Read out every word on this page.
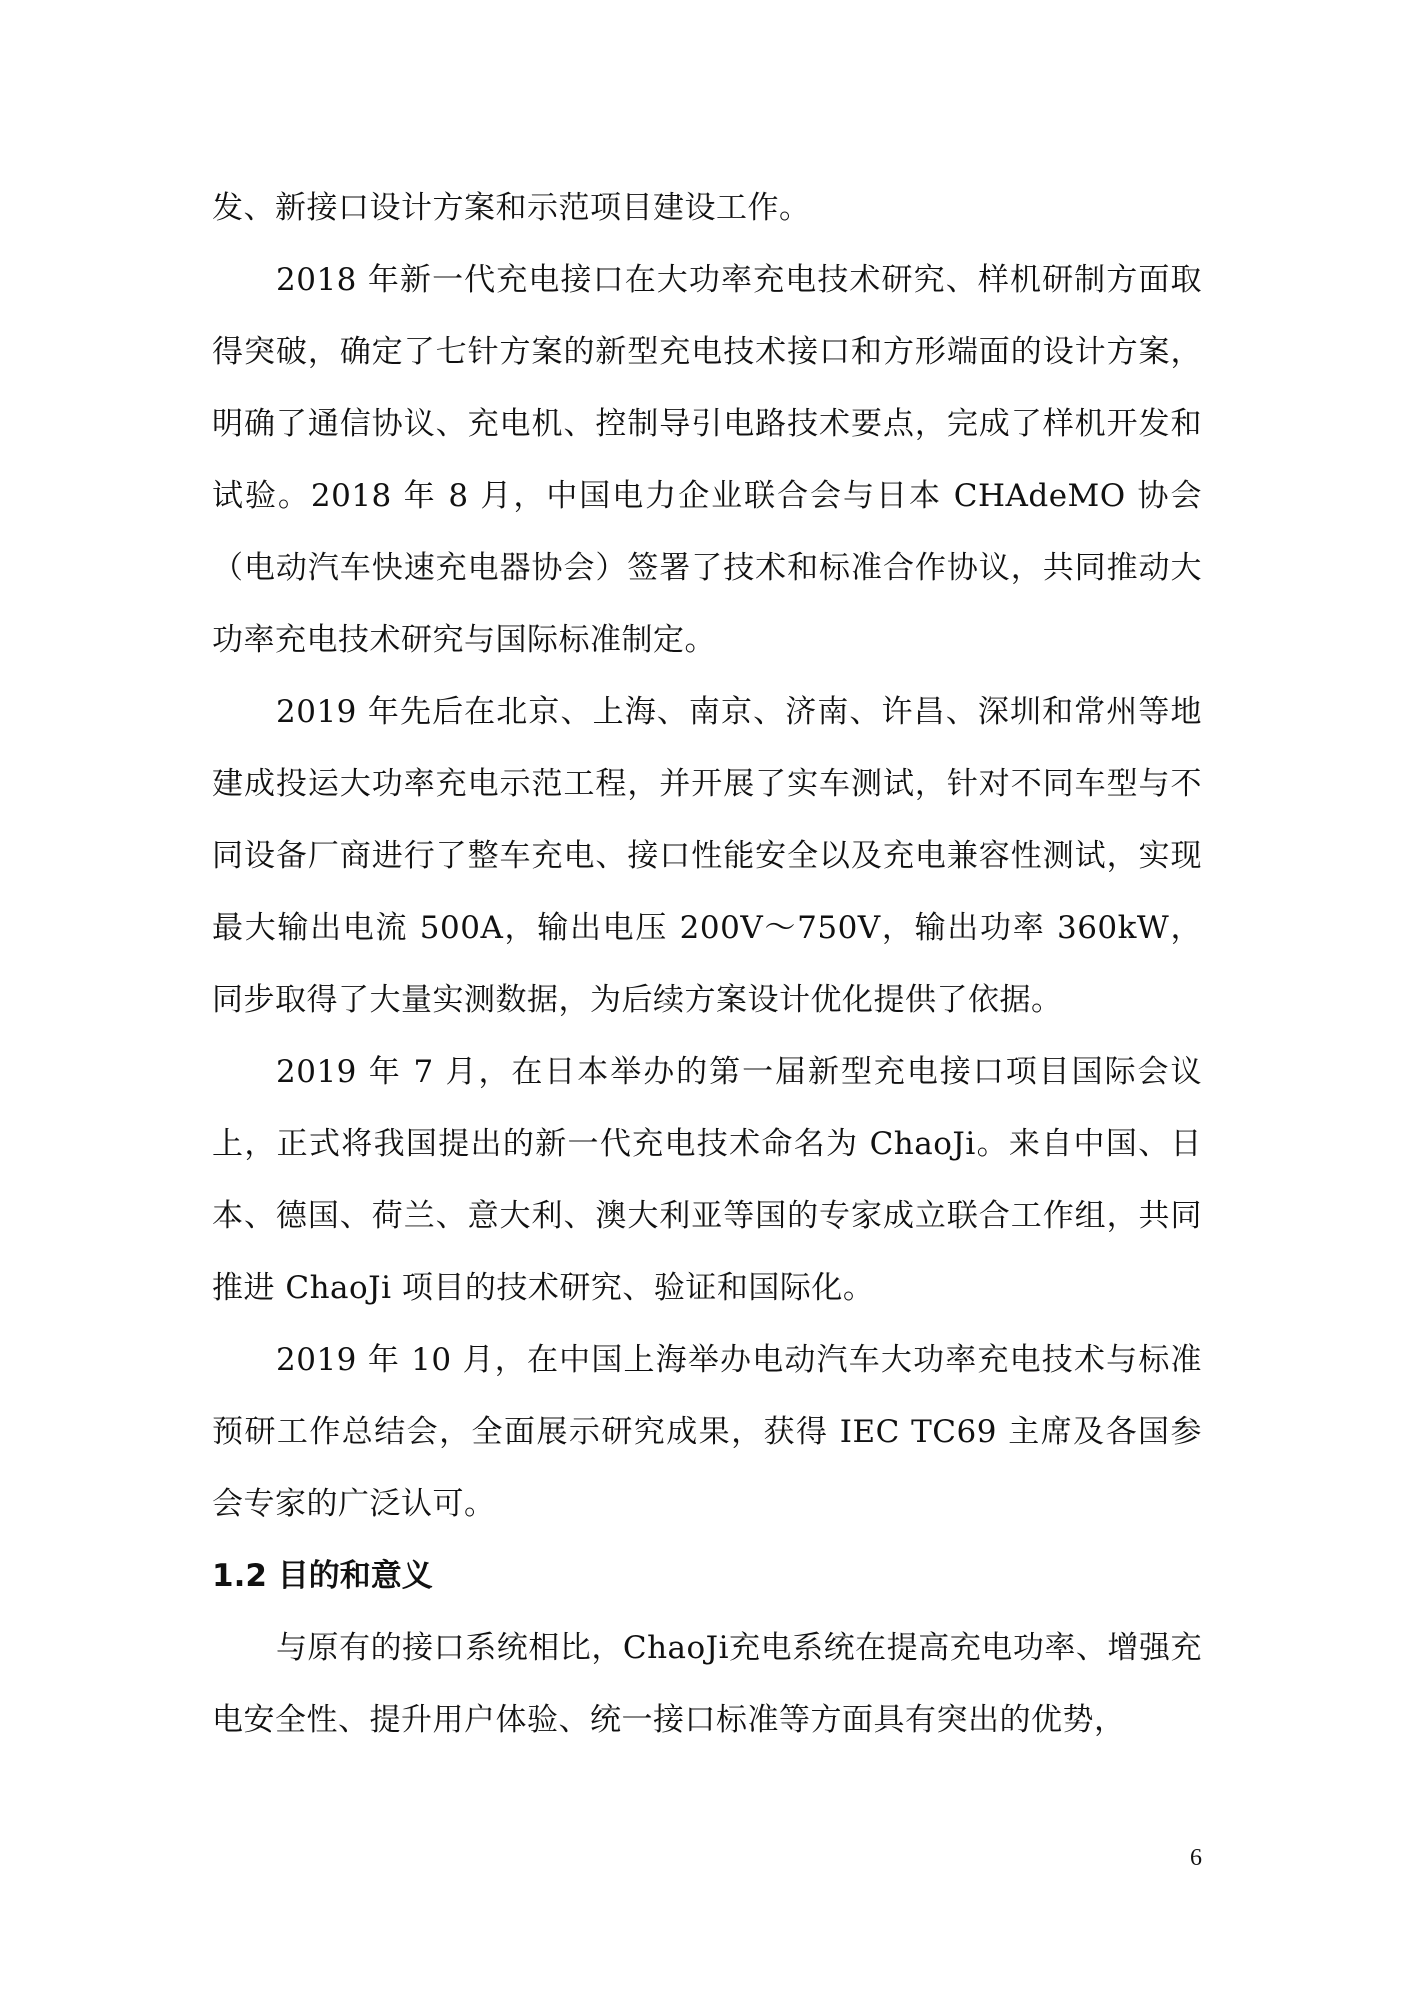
发、新接口设计方案和示范项目建设工作。

2018 年新一代充电接口在大功率充电技术研究、样机研制方面取得突破，确定了七针方案的新型充电技术接口和方形端面的设计方案，明确了通信协议、充电机、控制导引电路技术要点，完成了样机开发和试验。2018 年 8 月，中国电力企业联合会与日本 CHAdeMO 协会（电动汽车快速充电器协会）签署了技术和标准合作协议，共同推动大功率充电技术研究与国际标准制定。

2019 年先后在北京、上海、南京、济南、许昌、深圳和常州等地建成投运大功率充电示范工程，并开展了实车测试，针对不同车型与不同设备厂商进行了整车充电、接口性能安全以及充电兼容性测试，实现最大输出电流 500A，输出电压 200V～750V，输出功率 360kW，同步取得了大量实测数据，为后续方案设计优化提供了依据。

2019 年 7 月，在日本举办的第一届新型充电接口项目国际会议上，正式将我国提出的新一代充电技术命名为 ChaoJi。来自中国、日本、德国、荷兰、意大利、澳大利亚等国的专家成立联合工作组，共同推进 ChaoJi 项目的技术研究、验证和国际化。

2019 年 10 月，在中国上海举办电动汽车大功率充电技术与标准预研工作总结会，全面展示研究成果，获得 IEC TC69 主席及各国参会专家的广泛认可。

1.2 目的和意义

与原有的接口系统相比，ChaoJi充电系统在提高充电功率、增强充电安全性、提升用户体验、统一接口标准等方面具有突出的优势，

6
